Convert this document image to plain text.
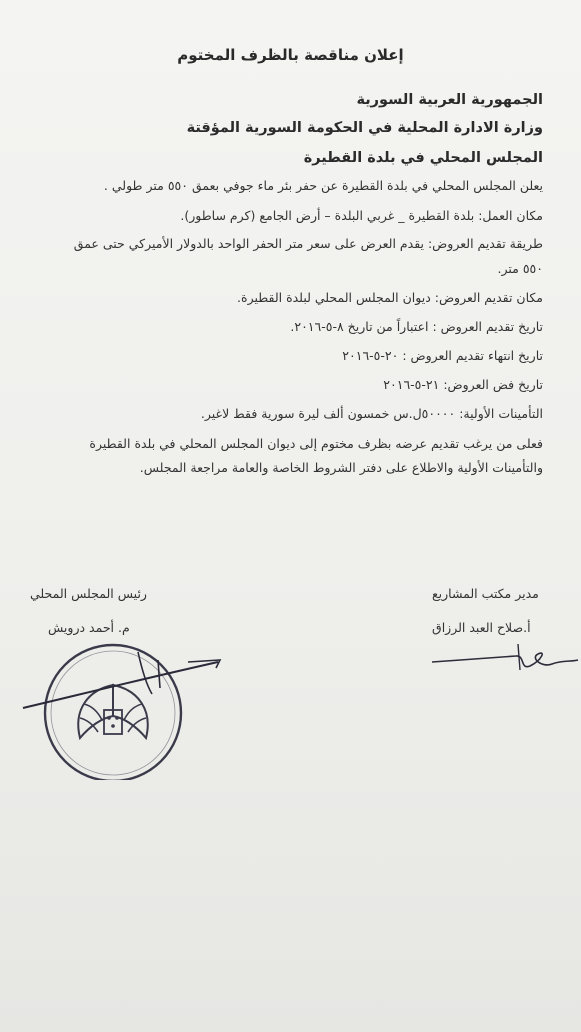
إعلان مناقصة بالظرف المختوم
الجمهورية العربية السورية
وزارة الادارة المحلية في الحكومة السورية المؤقتة
المجلس المحلي في بلدة القطيرة
يعلن المجلس المحلي في بلدة القطيرة عن حفر بئر ماء جوفي بعمق ٥٥٠ متر طولي .
مكان العمل: بلدة القطيرة _ غربي البلدة – أرض الجامع (كرم ساطور).
طريقة تقديم العروض: يقدم العرض على سعر متر الحفر الواحد بالدولار الأميركي حتى عمق
٥٥٠ متر.
مكان تقديم العروض: ديوان المجلس المحلي لبلدة القطيرة.
تاريخ تقديم العروض : اعتباراً من تاريخ ٨-٥-٢٠١٦.
تاريخ انتهاء تقديم العروض : ٢٠-٥-٢٠١٦
تاريخ فض العروض: ٢١-٥-٢٠١٦
التأمينات الأولية: ٥٠٠٠٠ل.س خمسون ألف ليرة سورية فقط لاغير.
فعلى من يرغب تقديم عرضه بظرف مختوم إلى ديوان المجلس المحلي في بلدة القطيرة
والتأمينات الأولية والاطلاع على دفتر الشروط الخاصة والعامة مراجعة المجلس.
مدير مكتب المشاريع
أ.صلاح العبد الرزاق
رئيس المجلس المحلي
م. أحمد درويش
